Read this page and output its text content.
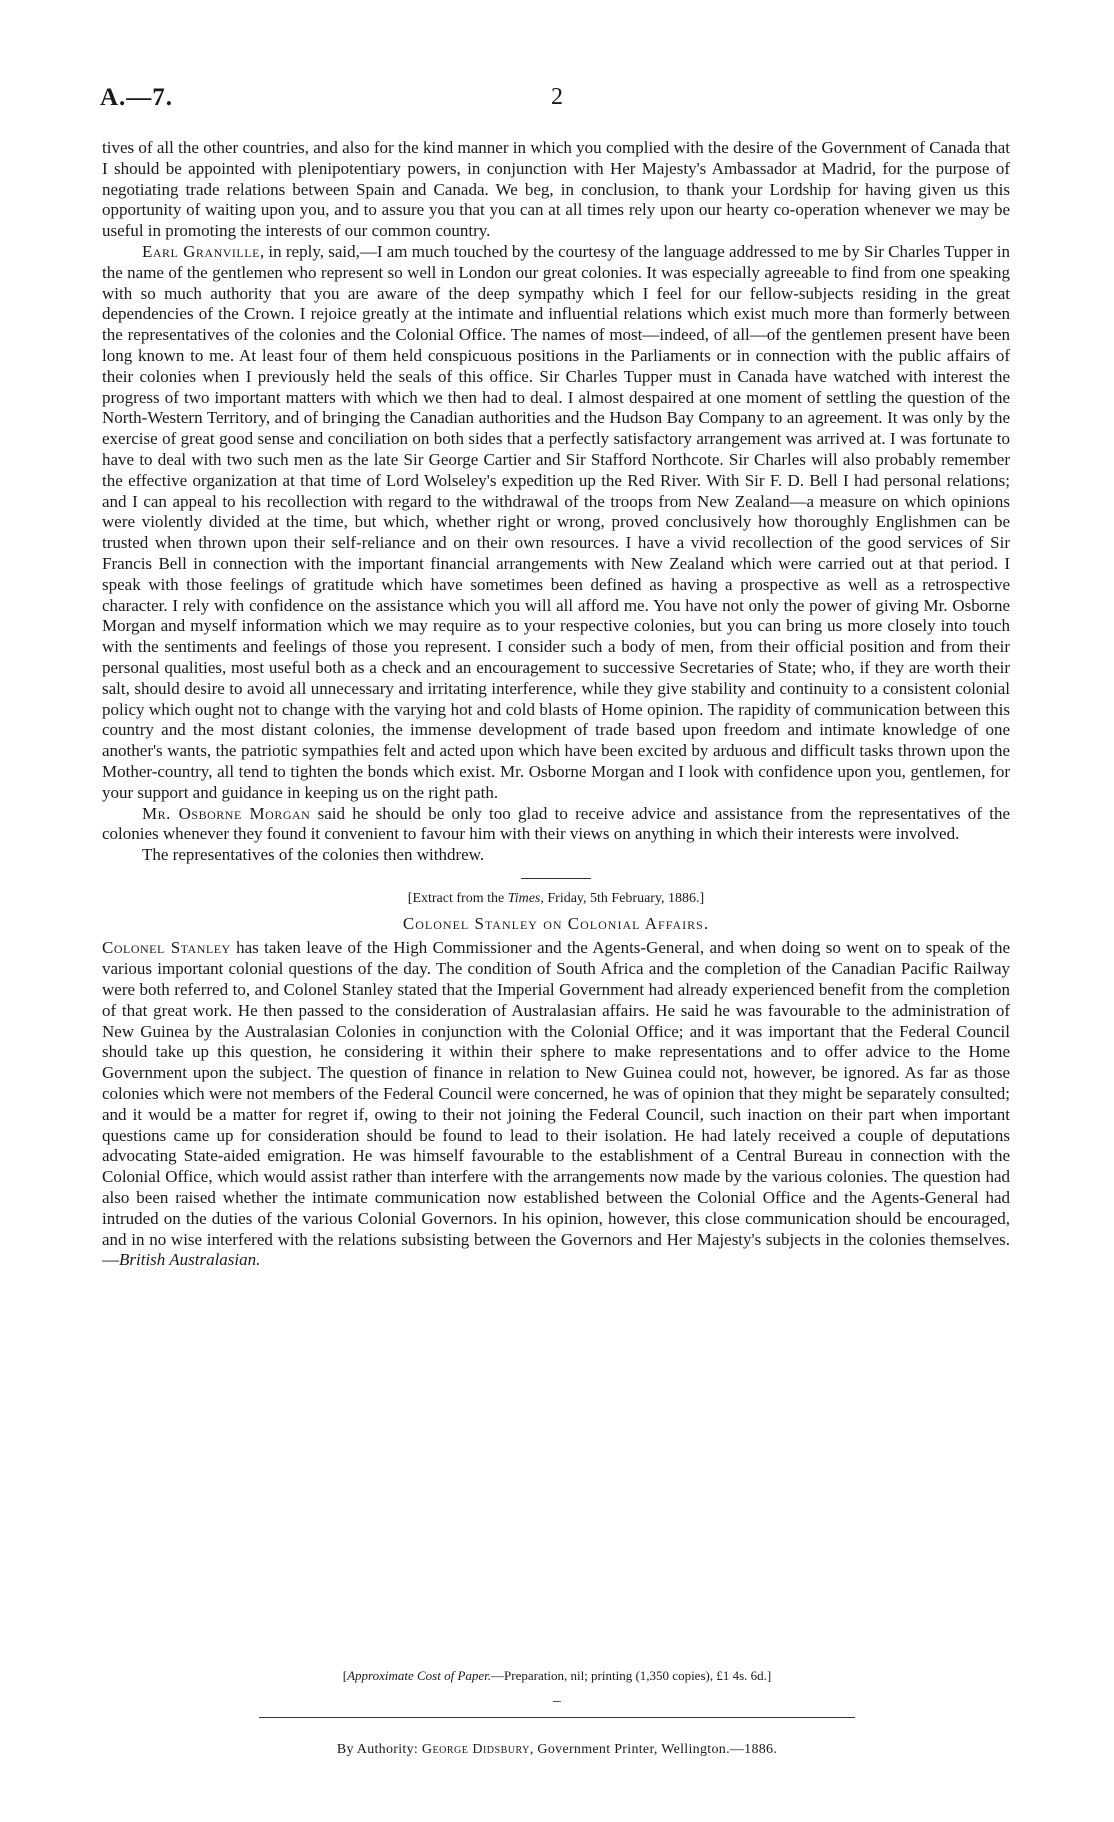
A.—7.	2

tives of all the other countries, and also for the kind manner in which you complied with the desire of the Government of Canada that I should be appointed with plenipotentiary powers, in conjunction with Her Majesty's Ambassador at Madrid, for the purpose of negotiating trade relations between Spain and Canada. We beg, in conclusion, to thank your Lordship for having given us this opportunity of waiting upon you, and to assure you that you can at all times rely upon our hearty co-operation whenever we may be useful in promoting the interests of our common country.

Earl Granville, in reply, said,—I am much touched by the courtesy of the language addressed to me by Sir Charles Tupper in the name of the gentlemen who represent so well in London our great colonies. It was especially agreeable to find from one speaking with so much authority that you are aware of the deep sympathy which I feel for our fellow-subjects residing in the great dependencies of the Crown. I rejoice greatly at the intimate and influential relations which exist much more than formerly between the representatives of the colonies and the Colonial Office. The names of most—indeed, of all—of the gentlemen present have been long known to me. At least four of them held conspicuous positions in the Parliaments or in connection with the public affairs of their colonies when I previously held the seals of this office. Sir Charles Tupper must in Canada have watched with interest the progress of two important matters with which we then had to deal. I almost despaired at one moment of settling the question of the North-Western Territory, and of bringing the Canadian authorities and the Hudson Bay Company to an agreement. It was only by the exercise of great good sense and conciliation on both sides that a perfectly satisfactory arrangement was arrived at. I was fortunate to have to deal with two such men as the late Sir George Cartier and Sir Stafford Northcote. Sir Charles will also probably remember the effective organization at that time of Lord Wolseley's expedition up the Red River. With Sir F. D. Bell I had personal relations; and I can appeal to his recollection with regard to the withdrawal of the troops from New Zealand—a measure on which opinions were violently divided at the time, but which, whether right or wrong, proved conclusively how thoroughly Englishmen can be trusted when thrown upon their self-reliance and on their own resources. I have a vivid recollection of the good services of Sir Francis Bell in connection with the important financial arrangements with New Zealand which were carried out at that period. I speak with those feelings of gratitude which have sometimes been defined as having a prospective as well as a retrospective character. I rely with confidence on the assistance which you will all afford me. You have not only the power of giving Mr. Osborne Morgan and myself information which we may require as to your respective colonies, but you can bring us more closely into touch with the sentiments and feelings of those you represent. I consider such a body of men, from their official position and from their personal qualities, most useful both as a check and an encouragement to successive Secretaries of State; who, if they are worth their salt, should desire to avoid all unnecessary and irritating interference, while they give stability and continuity to a consistent colonial policy which ought not to change with the varying hot and cold blasts of Home opinion. The rapidity of communication between this country and the most distant colonies, the immense development of trade based upon freedom and intimate knowledge of one another's wants, the patriotic sympathies felt and acted upon which have been excited by arduous and difficult tasks thrown upon the Mother-country, all tend to tighten the bonds which exist. Mr. Osborne Morgan and I look with confidence upon you, gentlemen, for your support and guidance in keeping us on the right path.

Mr. Osborne Morgan said he should be only too glad to receive advice and assistance from the representatives of the colonies whenever they found it convenient to favour him with their views on anything in which their interests were involved.

The representatives of the colonies then withdrew.

[Extract from the Times, Friday, 5th February, 1886.]
Colonel Stanley on Colonial Affairs.

Colonel Stanley has taken leave of the High Commissioner and the Agents-General, and when doing so went on to speak of the various important colonial questions of the day. The condition of South Africa and the completion of the Canadian Pacific Railway were both referred to, and Colonel Stanley stated that the Imperial Government had already experienced benefit from the completion of that great work. He then passed to the consideration of Australasian affairs. He said he was favourable to the administration of New Guinea by the Australasian Colonies in conjunction with the Colonial Office; and it was important that the Federal Council should take up this question, he considering it within their sphere to make representations and to offer advice to the Home Government upon the subject. The question of finance in relation to New Guinea could not, however, be ignored. As far as those colonies which were not members of the Federal Council were concerned, he was of opinion that they might be separately consulted; and it would be a matter for regret if, owing to their not joining the Federal Council, such inaction on their part when important questions came up for consideration should be found to lead to their isolation. He had lately received a couple of deputations advocating State-aided emigration. He was himself favourable to the establishment of a Central Bureau in connection with the Colonial Office, which would assist rather than interfere with the arrangements now made by the various colonies. The question had also been raised whether the intimate communication now established between the Colonial Office and the Agents-General had intruded on the duties of the various Colonial Governors. In his opinion, however, this close communication should be encouraged, and in no wise interfered with the relations subsisting between the Governors and Her Majesty's subjects in the colonies themselves.—British Australasian.

[Approximate Cost of Paper.—Preparation, nil; printing (1,350 copies), £1 4s. 6d.]
By Authority: George Didsbury, Government Printer, Wellington.—1886.
